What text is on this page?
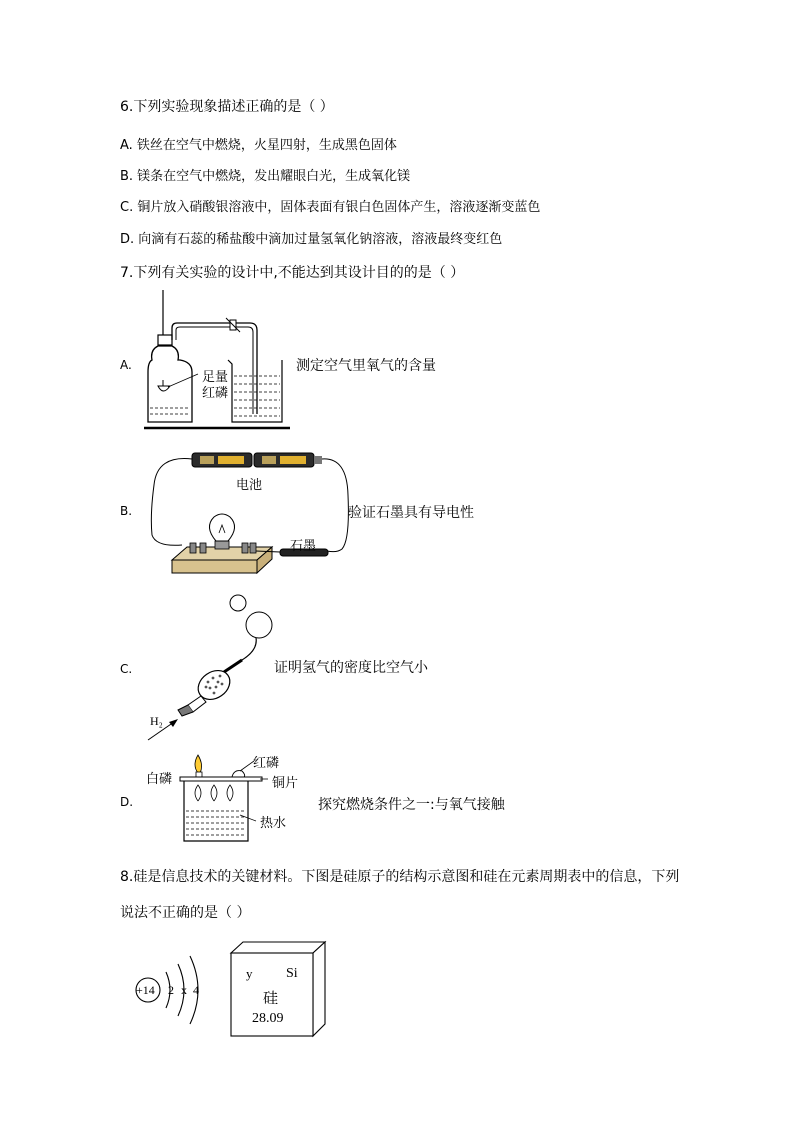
6.下列实验现象描述正确的是（ ）
A. 铁丝在空气中燃烧，火星四射，生成黑色固体
B. 镁条在空气中燃烧，发出耀眼白光，生成氧化镁
C. 铜片放入硝酸银溶液中，固体表面有银白色固体产生，溶液逐渐变蓝色
D. 向滴有石蕊的稀盐酸中滴加过量氢氧化钠溶液，溶液最终变红色
7.下列有关实验的设计中,不能达到其设计目的的是（ ）
A.
足量
红磷
测定空气里氧气的含量
B.
电池
石墨
验证石墨具有导电性
C.
H₂
证明氢气的密度比空气小
D.
红磷
白磷	铜片
热水
探究燃烧条件之一:与氧气接触
8.硅是信息技术的关键材料。下图是硅原子的结构示意图和硅在元素周期表中的信息，下列
说法不正确的是（ ）
+14 2 x 4
y Si
硅
28.09
